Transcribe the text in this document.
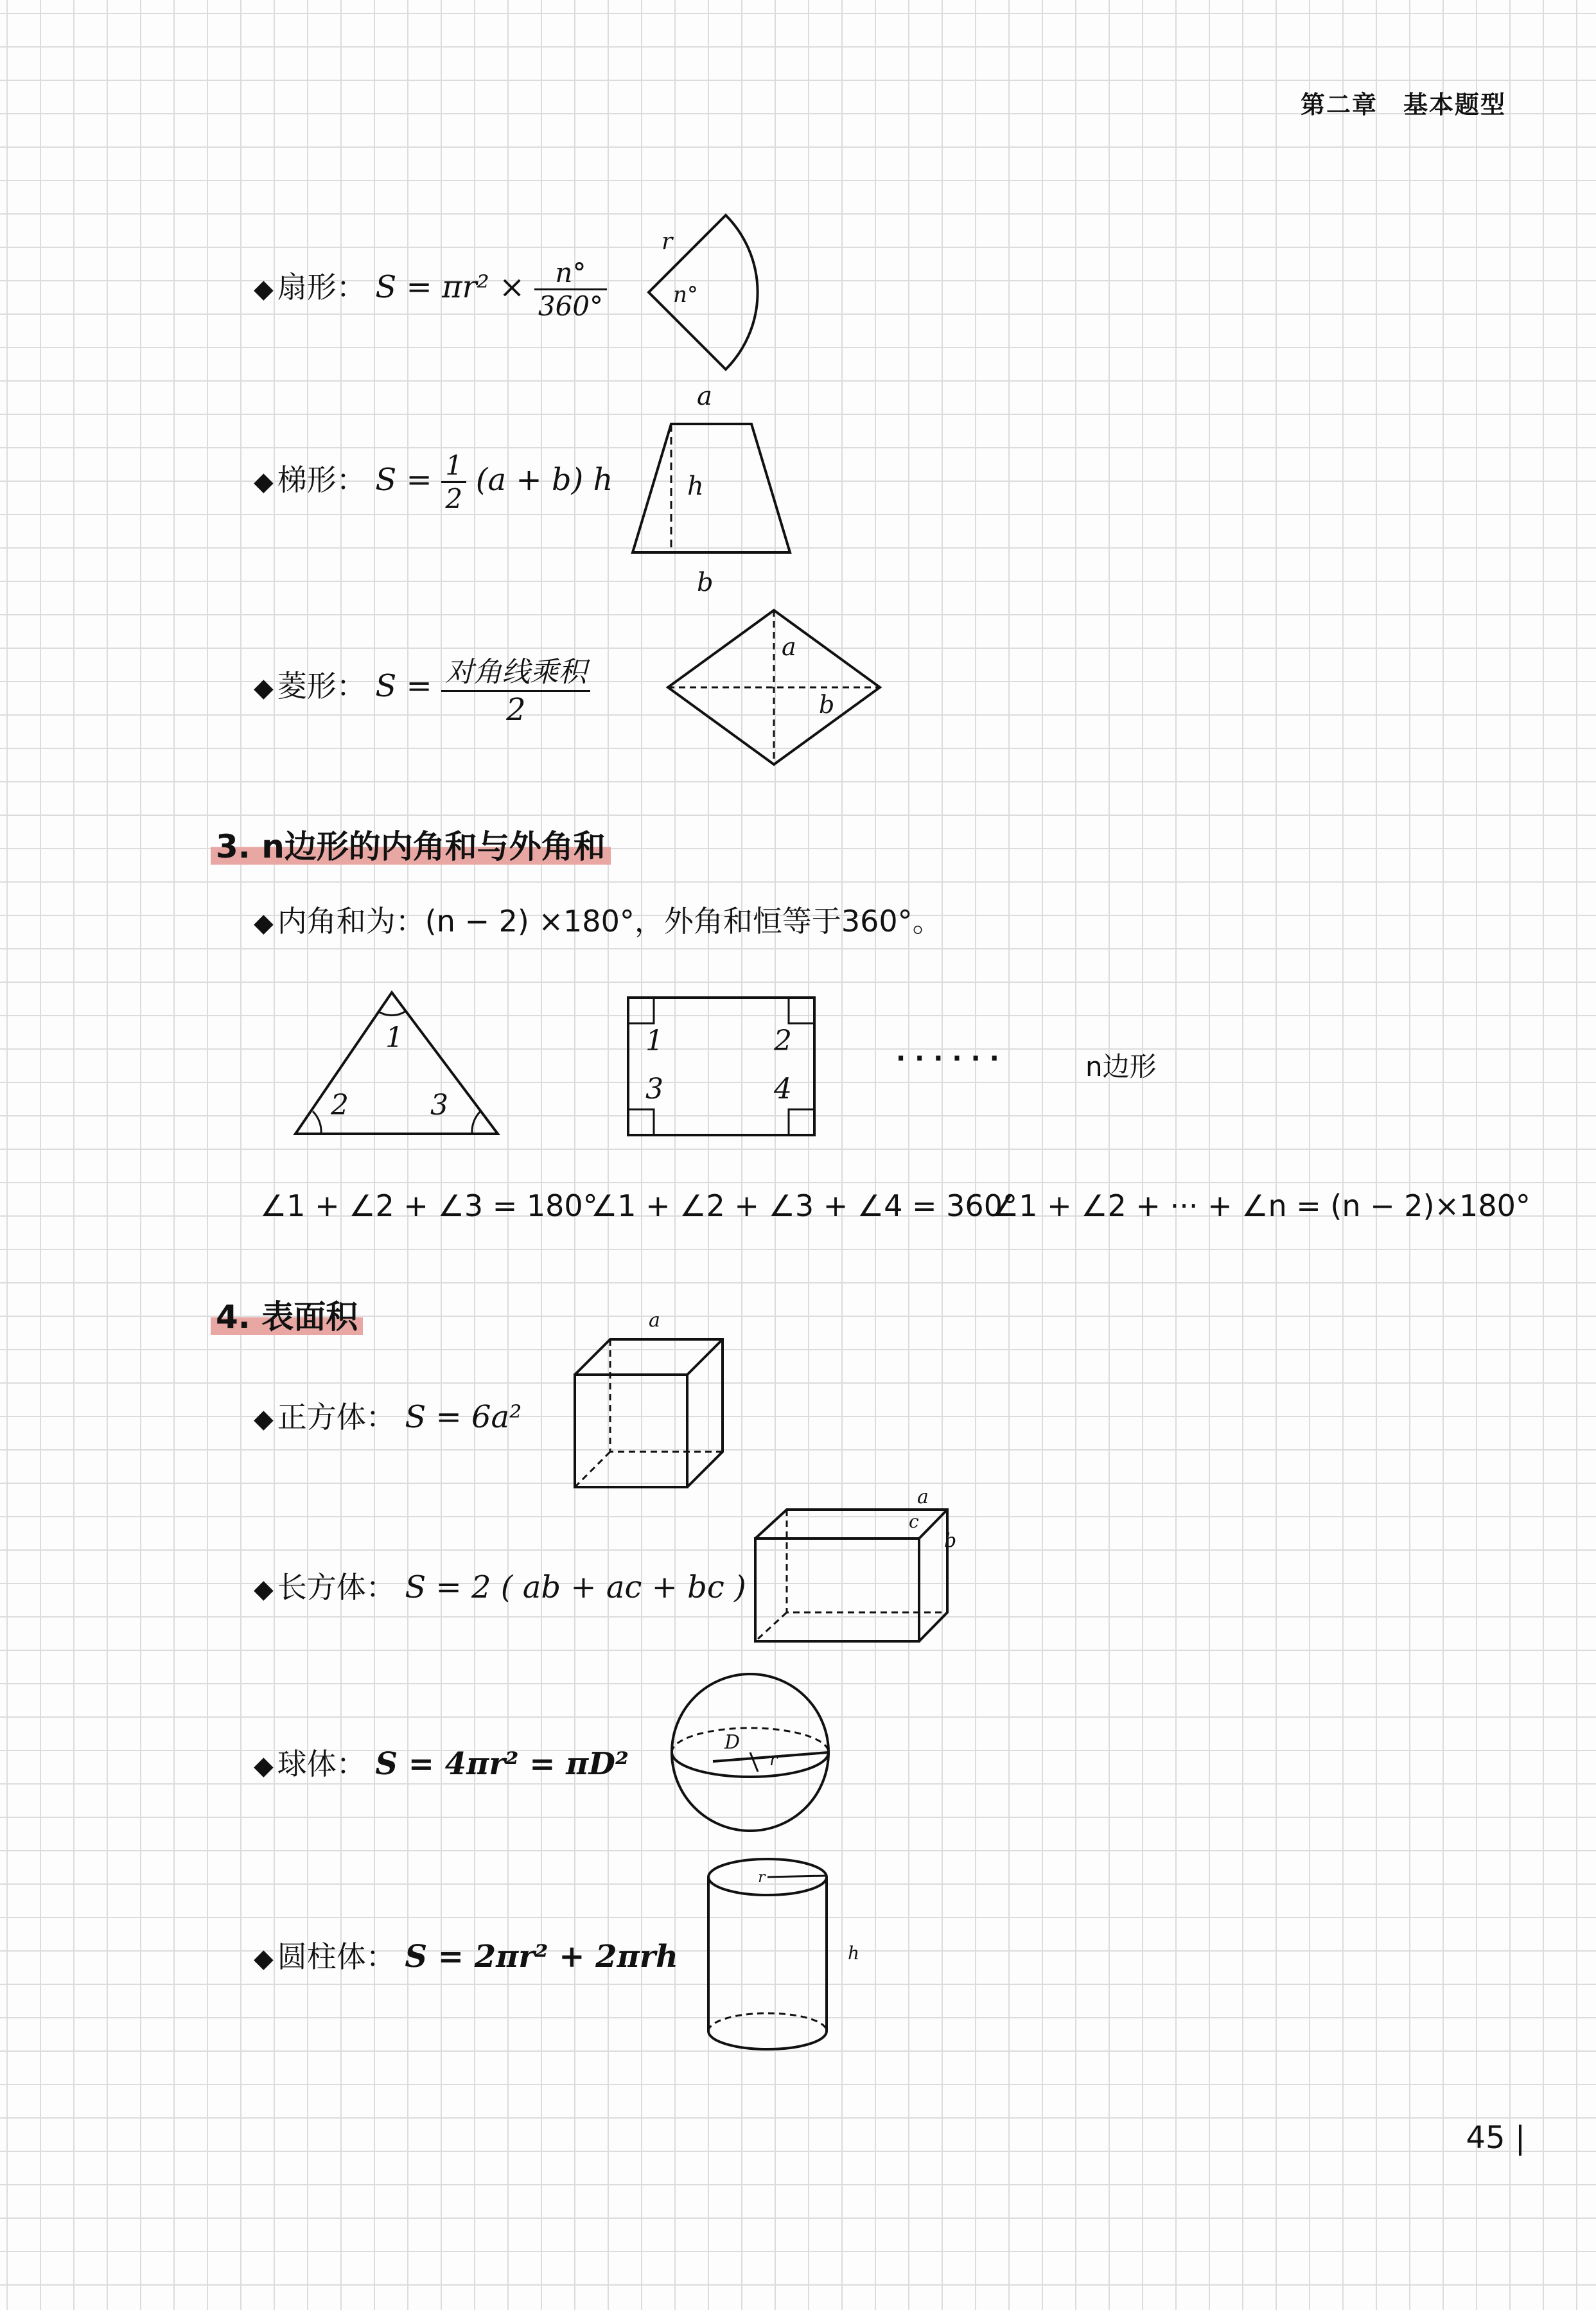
第二章 基本题型
◆ 扇形： $S = \pi r^2 \times \frac{n^\circ}{360^\circ}$
r
n°
◆ 梯形： $S = \frac{1}{2} (a + b)$ h
a
h
b
◆ 菱形： $S = \frac{\text{对角线乘积}}{2}$
a
b
3. n边形的内角和与外角和
◆ 内角和为：(n − 2) ×180°，外角和恒等于360°。
1
2	3
1	2
3	4
· · · · · ·	n边形
∠1 + ∠2 + ∠3 = 180°
∠1 + ∠2 + ∠3 + ∠4 = 360°
∠1 + ∠2 + ··· + ∠n = (n − 2)×180°
4. 表面积
◆ 正方体： S = 6a²
a
◆ 长方体： S = 2 ( ab + ac + bc )
a
b
c
◆ 球体： S = 4πr² = πD²
D
r
◆ 圆柱体： S = 2πr² + 2πrh
r
h
45 |
